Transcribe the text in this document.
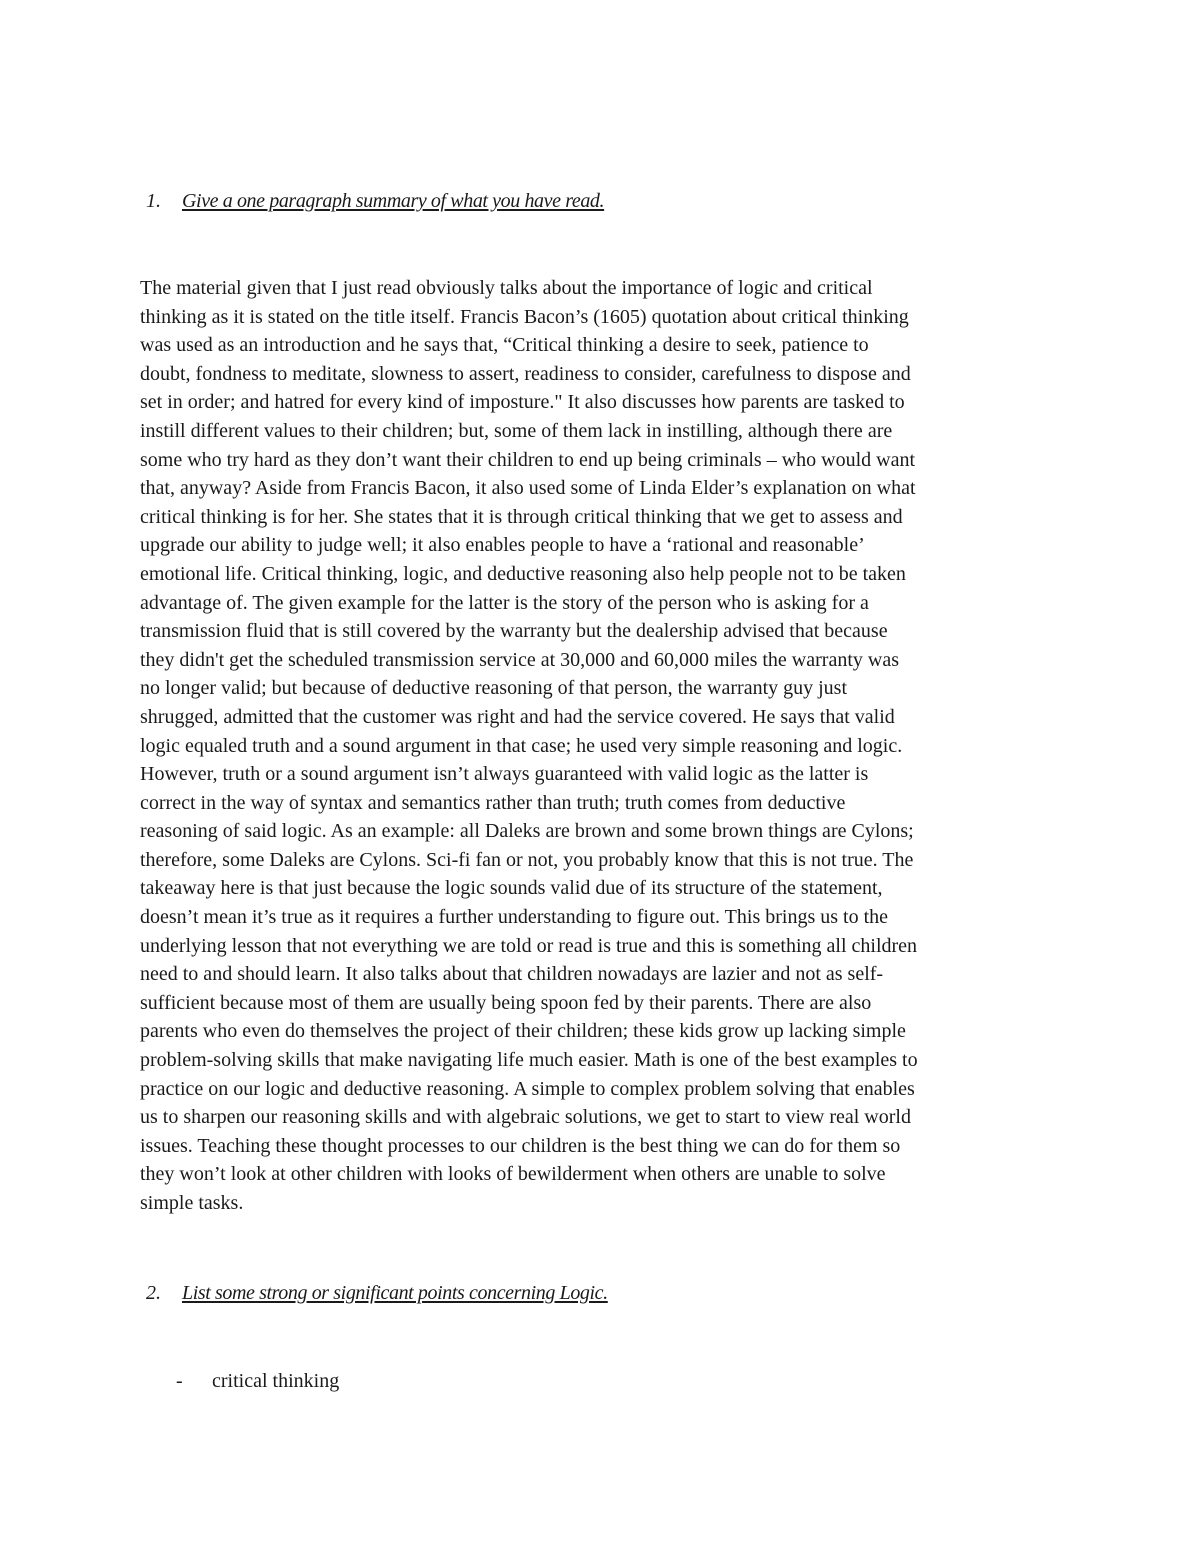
1. Give a one paragraph summary of what you have read.

The material given that I just read obviously talks about the importance of logic and critical
thinking as it is stated on the title itself. Francis Bacon’s (1605) quotation about critical thinking
was used as an introduction and he says that, “Critical thinking a desire to seek, patience to
doubt, fondness to meditate, slowness to assert, readiness to consider, carefulness to dispose and
set in order; and hatred for every kind of imposture." It also discusses how parents are tasked to
instill different values to their children; but, some of them lack in instilling, although there are
some who try hard as they don’t want their children to end up being criminals – who would want
that, anyway? Aside from Francis Bacon, it also used some of Linda Elder’s explanation on what
critical thinking is for her. She states that it is through critical thinking that we get to assess and
upgrade our ability to judge well; it also enables people to have a ‘rational and reasonable’
emotional life. Critical thinking, logic, and deductive reasoning also help people not to be taken
advantage of. The given example for the latter is the story of the person who is asking for a
transmission fluid that is still covered by the warranty but the dealership advised that because
they didn't get the scheduled transmission service at 30,000 and 60,000 miles the warranty was
no longer valid; but because of deductive reasoning of that person, the warranty guy just
shrugged, admitted that the customer was right and had the service covered. He says that valid
logic equaled truth and a sound argument in that case; he used very simple reasoning and logic.
However, truth or a sound argument isn’t always guaranteed with valid logic as the latter is
correct in the way of syntax and semantics rather than truth; truth comes from deductive
reasoning of said logic. As an example: all Daleks are brown and some brown things are Cylons;
therefore, some Daleks are Cylons. Sci-fi fan or not, you probably know that this is not true. The
takeaway here is that just because the logic sounds valid due of its structure of the statement,
doesn’t mean it’s true as it requires a further understanding to figure out. This brings us to the
underlying lesson that not everything we are told or read is true and this is something all children
need to and should learn. It also talks about that children nowadays are lazier and not as self-
sufficient because most of them are usually being spoon fed by their parents. There are also
parents who even do themselves the project of their children; these kids grow up lacking simple
problem-solving skills that make navigating life much easier. Math is one of the best examples to
practice on our logic and deductive reasoning. A simple to complex problem solving that enables
us to sharpen our reasoning skills and with algebraic solutions, we get to start to view real world
issues. Teaching these thought processes to our children is the best thing we can do for them so
they won’t look at other children with looks of bewilderment when others are unable to solve
simple tasks.

2. List some strong or significant points concerning Logic.
- critical thinking
